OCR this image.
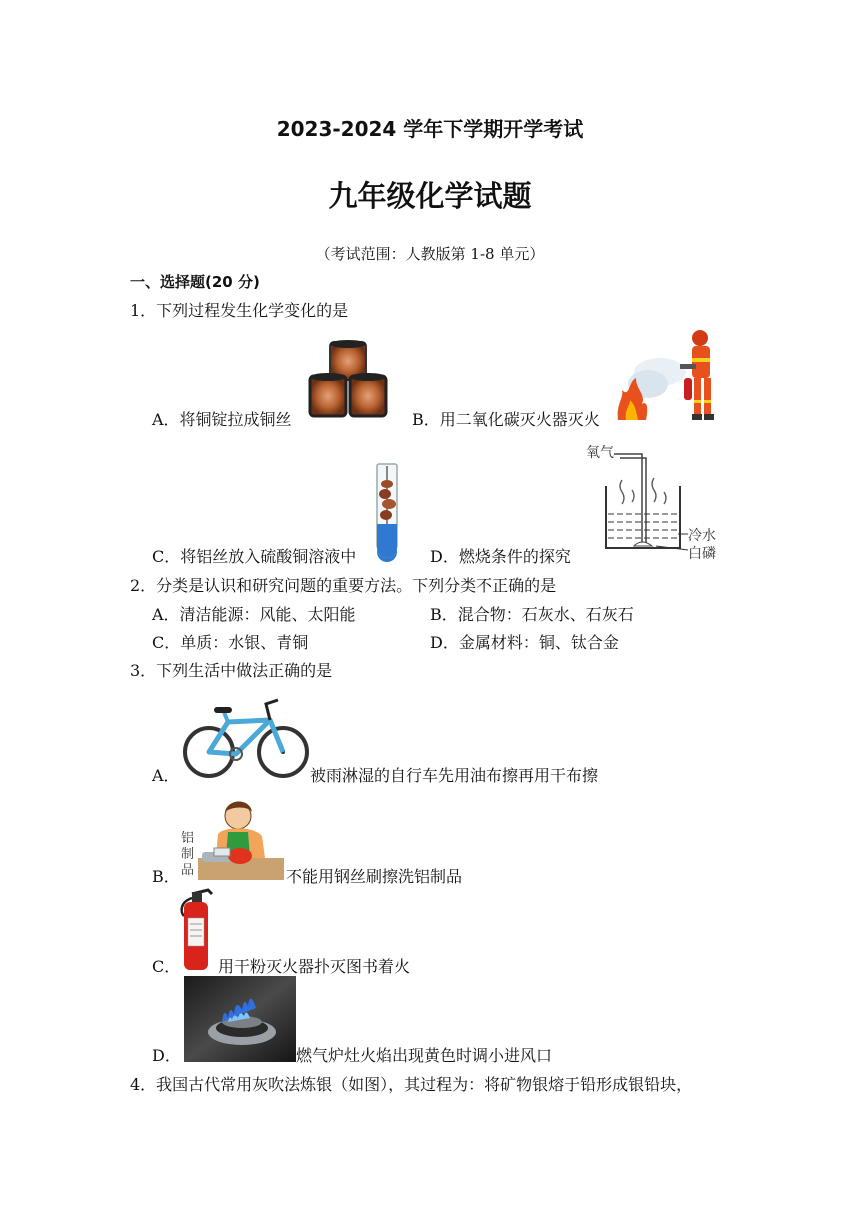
2023-2024 学年下学期开学考试
九年级化学试题
（考试范围：人教版第 1-8 单元）
一、选择题(20 分)
1．下列过程发生化学变化的是
A．将铜锭拉成铜丝	B．用二氧化碳灭火器灭火
C．将铝丝放入硫酸铜溶液中	D．燃烧条件的探究
氧气
冷水
白磷
2．分类是认识和研究问题的重要方法。下列分类不正确的是
A．清洁能源：风能、太阳能	B．混合物：石灰水、石灰石
C．单质：水银、青铜	D．金属材料：铜、钛合金
3．下列生活中做法正确的是
A．	被雨淋湿的自行车先用油布擦再用干布擦
B．
铝
制
品	不能用钢丝刷擦洗铝制品
C． 用干粉灭火器扑灭图书着火
D．	燃气炉灶火焰出现黄色时调小进风口
4．我国古代常用灰吹法炼银（如图），其过程为：将矿物银熔于铅形成银铅块，
